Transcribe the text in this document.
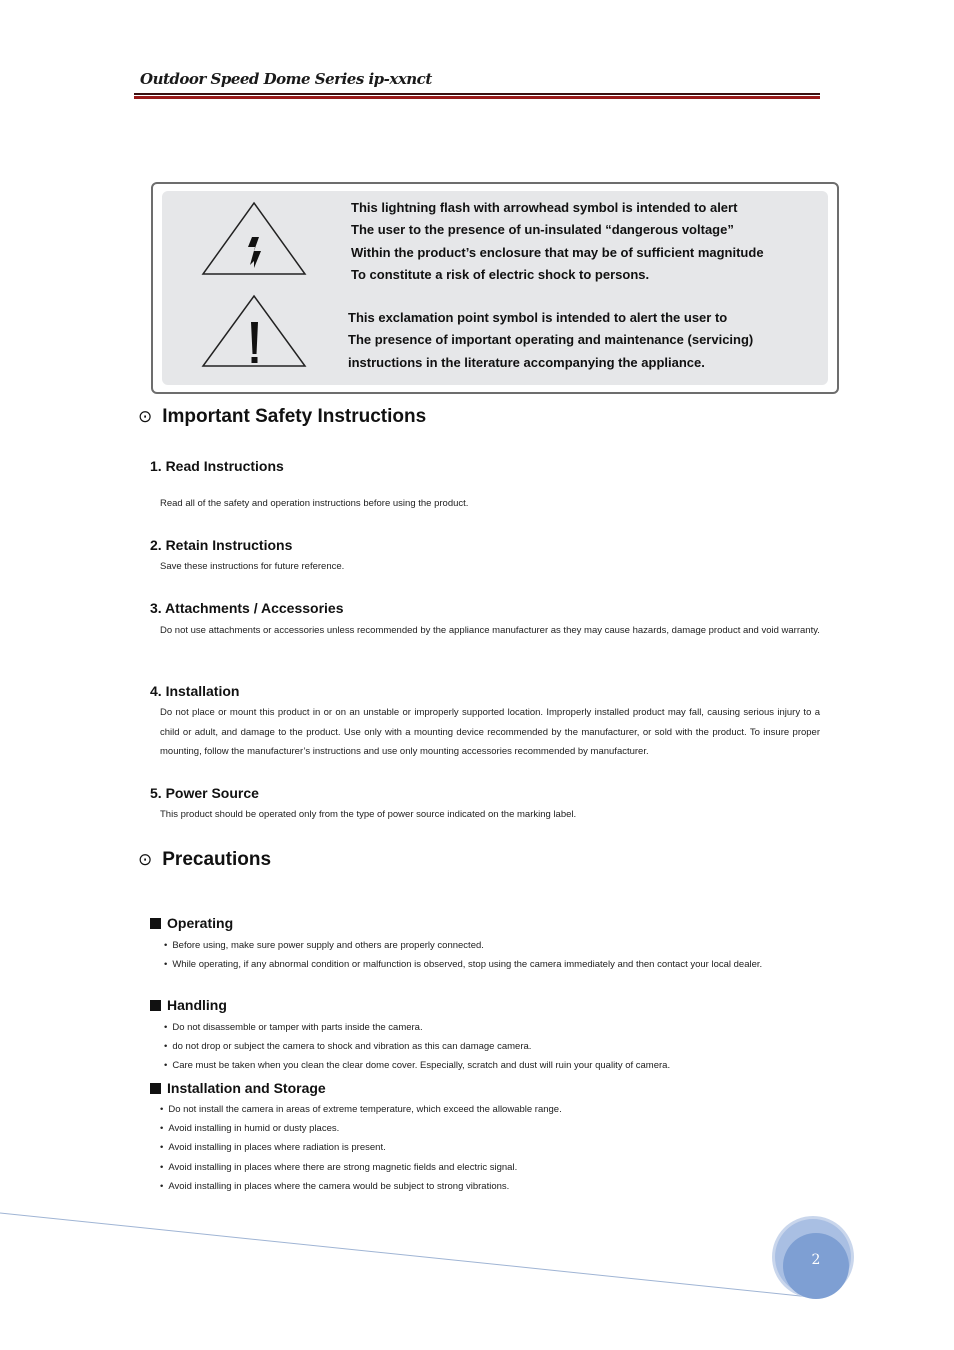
Outdoor Speed Dome Series ip-xxnct
This lightning flash with arrowhead symbol is intended to alert
The user to the presence of un-insulated “dangerous voltage”
Within the product’s enclosure that may be of sufficient magnitude
To constitute a risk of electric shock to persons.
This exclamation point symbol is intended to alert the user to
The presence of important operating and maintenance (servicing)
instructions in the literature accompanying the appliance.
⊙ Important Safety Instructions
1. Read Instructions
Read all of the safety and operation instructions before using the product.
2. Retain Instructions
Save these instructions for future reference.
3. Attachments / Accessories
Do not use attachments or accessories unless recommended by the appliance manufacturer as they may cause hazards, damage product and void warranty.
4. Installation
Do not place or mount this product in or on an unstable or improperly supported location. Improperly installed product may fall, causing serious injury to a child or adult, and damage to the product. Use only with a mounting device recommended by the manufacturer, or sold with the product. To insure proper mounting, follow the manufacturer’s instructions and use only mounting accessories recommended by manufacturer.
5. Power Source
This product should be operated only from the type of power source indicated on the marking label.
⊙ Precautions
Operating
• Before using, make sure power supply and others are properly connected.
• While operating, if any abnormal condition or malfunction is observed, stop using the camera immediately and then contact your local dealer.
Handling
• Do not disassemble or tamper with parts inside the camera.
• do not drop or subject the camera to shock and vibration as this can damage camera.
• Care must be taken when you clean the clear dome cover. Especially, scratch and dust will ruin your quality of camera.
Installation and Storage
• Do not install the camera in areas of extreme temperature, which exceed the allowable range.
• Avoid installing in humid or dusty places.
• Avoid installing in places where radiation is present.
• Avoid installing in places where there are strong magnetic fields and electric signal.
• Avoid installing in places where the camera would be subject to strong vibrations.
2
